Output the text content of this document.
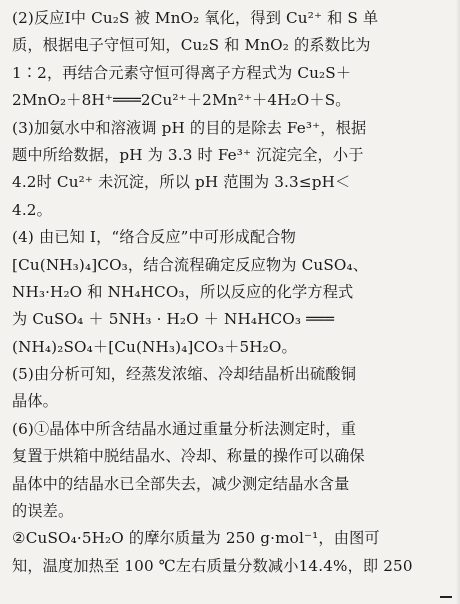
(2)反应Ⅰ中 Cu₂S 被 MnO₂ 氧化，得到 Cu²⁺ 和 S 单
质，根据电子守恒可知，Cu₂S 和 MnO₂ 的系数比为
1∶2，再结合元素守恒可得离子方程式为 Cu₂S＋
2MnO₂＋8H⁺═══2Cu²⁺＋2Mn²⁺＋4H₂O＋S。
(3)加氨水中和溶液调 pH 的目的是除去 Fe³⁺，根据
题中所给数据，pH 为 3.3 时 Fe³⁺ 沉淀完全，小于
4.2时 Cu²⁺ 未沉淀，所以 pH 范围为 3.3≤pH＜
4.2。
(4) 由已知 Ⅰ，“络合反应”中可形成配合物
[Cu(NH₃)₄]CO₃，结合流程确定反应物为 CuSO₄、
NH₃·H₂O 和 NH₄HCO₃，所以反应的化学方程式
为 CuSO₄ ＋ 5NH₃ · H₂O ＋ NH₄HCO₃ ═══
(NH₄)₂SO₄＋[Cu(NH₃)₄]CO₃＋5H₂O。
(5)由分析可知，经蒸发浓缩、冷却结晶析出硫酸铜
晶体。
(6)①晶体中所含结晶水通过重量分析法测定时，重
复置于烘箱中脱结晶水、冷却、称量的操作可以确保
晶体中的结晶水已全部失去，减少测定结晶水含量
的误差。
②CuSO₄·5H₂O 的摩尔质量为 250 g·mol⁻¹，由图可
知，温度加热至 100 ℃左右质量分数减小14.4%，即 250
